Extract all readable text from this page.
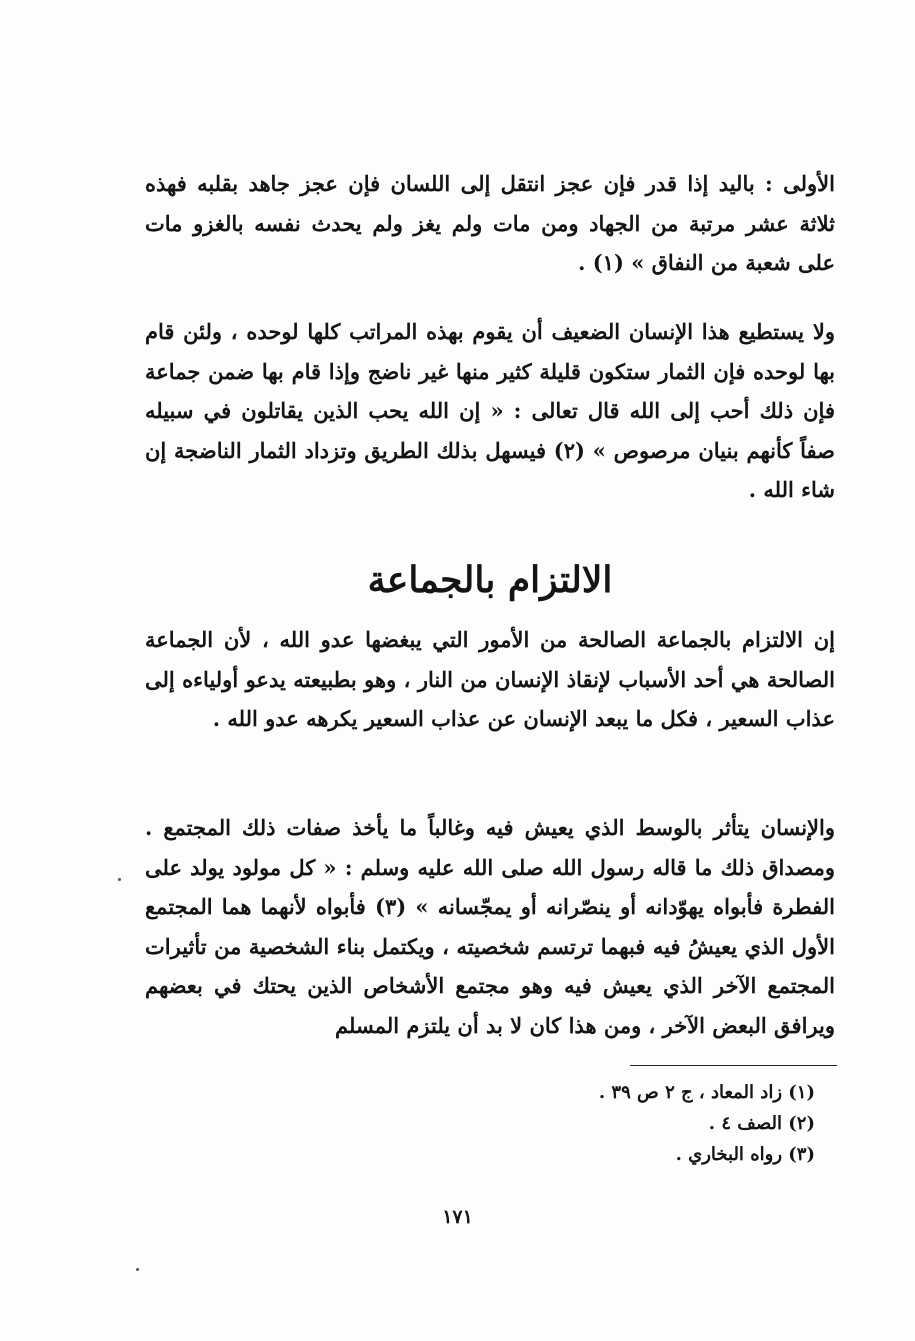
الأولى : باليد إذا قدر فإن عجز انتقل إلى اللسان فإن عجز جاهد بقلبه فهذه ثلاثة عشر مرتبة من الجهاد ومن مات ولم يغز ولم يحدث نفسه بالغزو مات على شعبة من النفاق » (١) .

ولا يستطيع هذا الإنسان الضعيف أن يقوم بهذه المراتب كلها لوحده ، ولئن قام بها لوحده فإن الثمار ستكون قليلة كثير منها غير ناضج وإذا قام بها ضمن جماعة فإن ذلك أحب إلى الله قال تعالى : « إن الله يحب الذين يقاتلون في سبيله صفاً كأنهم بنيان مرصوص » (٢) فيسهل بذلك الطريق وتزداد الثمار الناضجة إن شاء الله .

الالتزام بالجماعة

إن الالتزام بالجماعة الصالحة من الأمور التي يبغضها عدو الله ، لأن الجماعة الصالحة هي أحد الأسباب لإنقاذ الإنسان من النار ، وهو بطبيعته يدعو أولياءه إلى عذاب السعير ، فكل ما يبعد الإنسان عن عذاب السعير يكرهه عدو الله .

والإنسان يتأثر بالوسط الذي يعيش فيه وغالباً ما يأخذ صفات ذلك المجتمع . ومصداق ذلك ما قاله رسول الله صلى الله عليه وسلم : « كل مولود يولد على الفطرة فأبواه يهوّدانه أو ينصّرانه أو يمجّسانه » (٣) فأبواه لأنهما هما المجتمع الأول الذي يعيشُ فيه فبهما ترتسم شخصيته ، ويكتمل بناء الشخصية من تأثيرات المجتمع الآخر الذي يعيش فيه وهو مجتمع الأشخاص الذين يحتك في بعضهم ويرافق البعض الآخر ، ومن هذا كان لا بد أن يلتزم المسلم

(١) زاد المعاد ، ج ٢ ص ٣٩ .
(٢) الصف ٤ .
(٣) رواه البخاري .
١٧١
